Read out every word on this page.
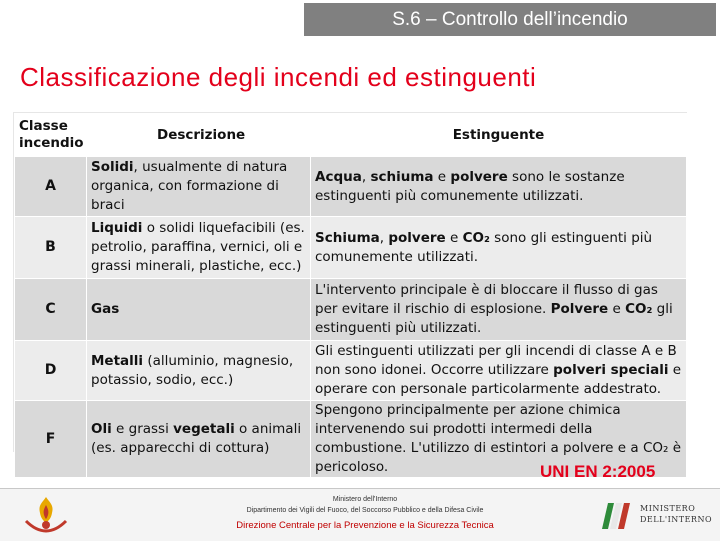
S.6 – Controllo dell’incendio
Classificazione degli incendi ed estinguenti
Classe
incendio	Descrizione	Estinguente
A	Solidi, usualmente di natura organica, con formazione di braci	Acqua, schiuma e polvere sono le sostanze estinguenti più comunemente utilizzati.
B	Liquidi o solidi liquefacibili (es. petrolio, paraffina, vernici, oli e grassi minerali, plastiche, ecc.)	Schiuma, polvere e CO₂ sono gli estinguenti più comunemente utilizzati.
C	Gas	L'intervento principale è di bloccare il flusso di gas per evitare il rischio di esplosione. Polvere e CO₂ gli estinguenti più utilizzati.
D	Metalli (alluminio, magnesio, potassio, sodio, ecc.)	Gli estinguenti utilizzati per gli incendi di classe A e B non sono idonei. Occorre utilizzare polveri speciali e operare con personale particolarmente addestrato.
F	Oli e grassi vegetali o animali (es. apparecchi di cottura)	Spengono principalmente per azione chimica intervenendo sui prodotti intermedi della combustione. L'utilizzo di estintori a polvere e a CO₂ è pericoloso.	UNI EN 2:2005
Ministero dell'Interno
Dipartimento dei Vigili del Fuoco, del Soccorso Pubblico e della Difesa Civile
Direzione Centrale per la Prevenzione e la Sicurezza Tecnica
MINISTERO
DELL'INTERNO
